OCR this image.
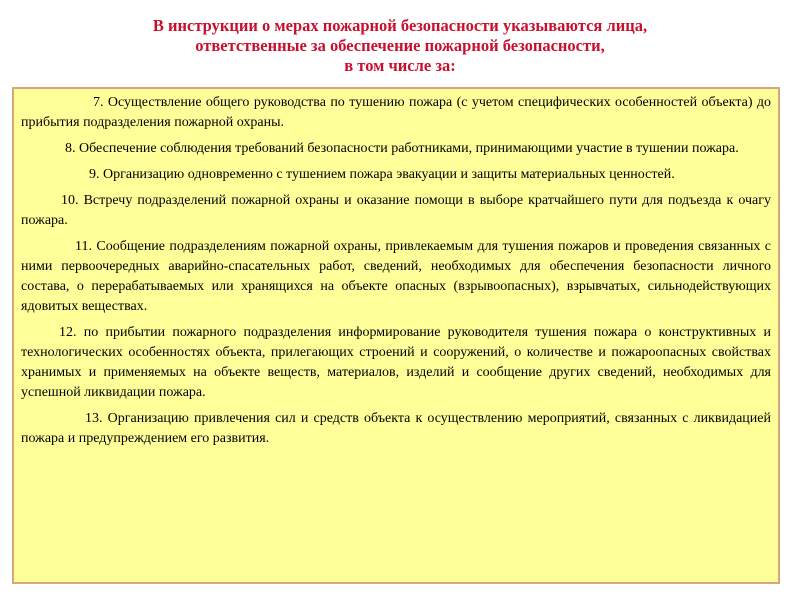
В инструкции о мерах пожарной безопасности указываются лица,
ответственные за обеспечение пожарной безопасности,
в том числе за:

7. Осуществление общего руководства по тушению пожара (с учетом специфических особенностей объекта) до прибытия подразделения пожарной охраны.

8. Обеспечение соблюдения требований безопасности работниками, принимающими участие в тушении пожара.

9. Организацию одновременно с тушением пожара эвакуации и защиты материальных ценностей.

10. Встречу подразделений пожарной охраны и оказание помощи в выборе кратчайшего пути для подъезда к очагу пожара.

11. Сообщение подразделениям пожарной охраны, привлекаемым для тушения пожаров и проведения связанных с ними первоочередных аварийно-спасательных работ, сведений, необходимых для обеспечения безопасности личного состава, о перерабатываемых или хранящихся на объекте опасных (взрывоопасных), взрывчатых, сильнодействующих ядовитых веществах.

12. по прибытии пожарного подразделения информирование руководителя тушения пожара о конструктивных и технологических особенностях объекта, прилегающих строений и сооружений, о количестве и пожароопасных свойствах хранимых и применяемых на объекте веществ, материалов, изделий и сообщение других сведений, необходимых для успешной ликвидации пожара.

13. Организацию привлечения сил и средств объекта к осуществлению мероприятий, связанных с ликвидацией пожара и предупреждением его развития.
